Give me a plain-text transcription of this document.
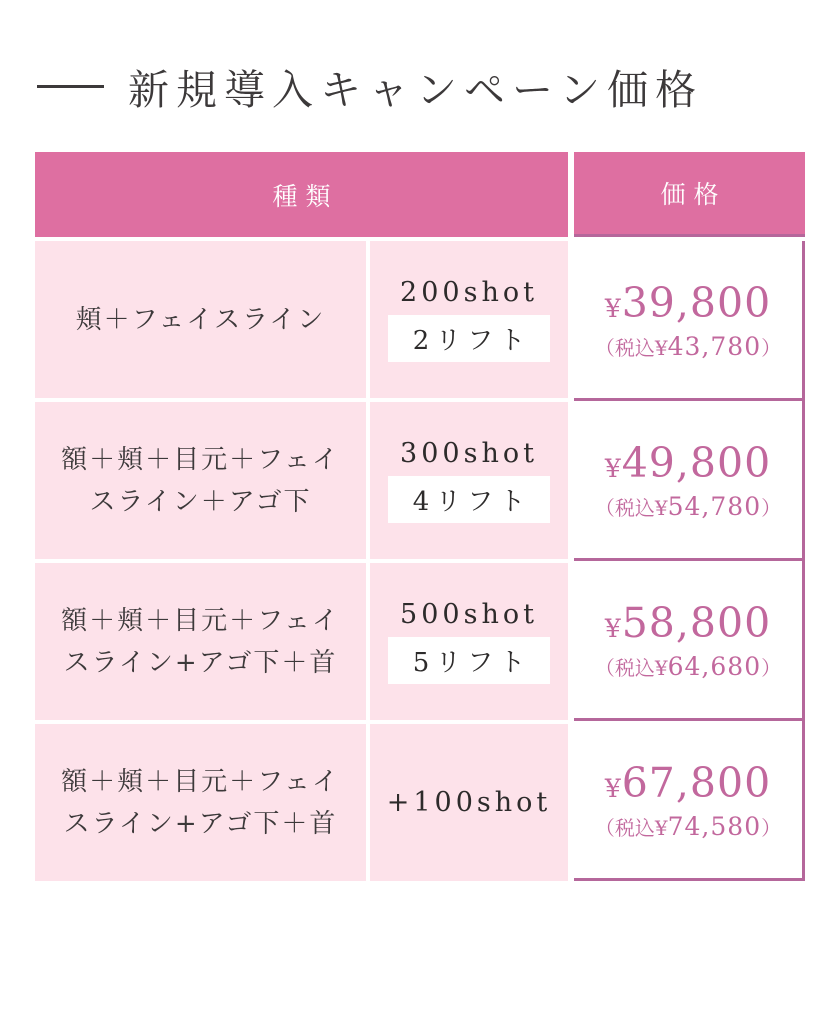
新規導入キャンペーン価格
種類
頬＋フェイスライン
200shot
2リフト
額＋頬＋目元＋フェイ
スライン＋アゴ下
300shot
4リフト
額＋頬＋目元＋フェイ
スライン+アゴ下＋首
500shot
5リフト
額＋頬＋目元＋フェイ
スライン+アゴ下＋首
+100shot
価格
¥ 39,800
（税込¥ 43,780 ）
¥ 49,800
（税込¥ 54,780 ）
¥ 58,800
（税込¥ 64,680 ）
¥ 67,800
（税込¥ 74,580 ）
